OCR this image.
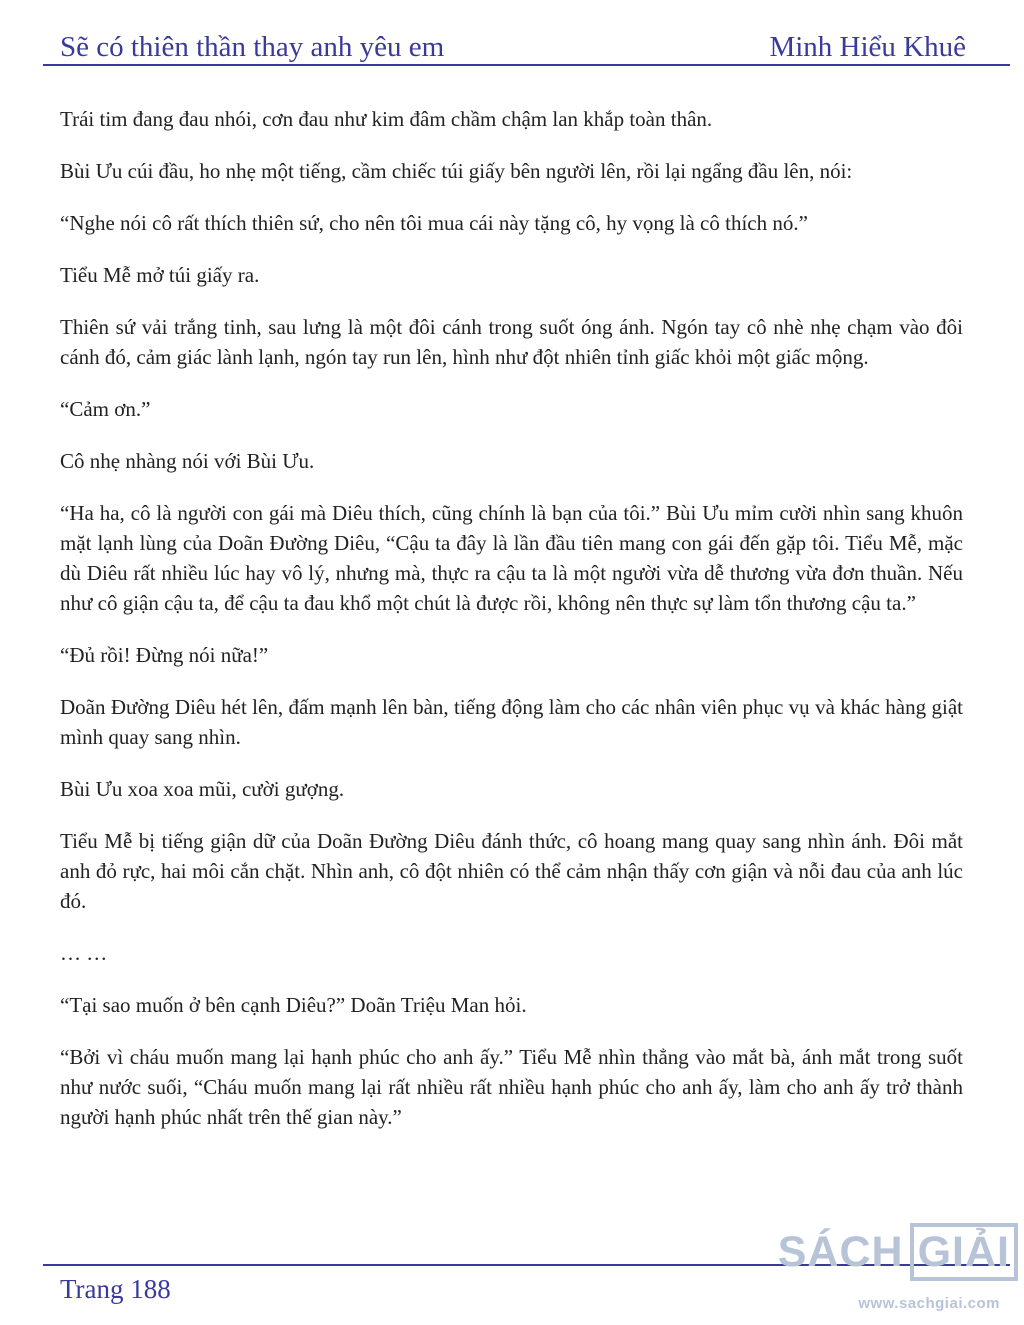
Sẽ có thiên thần thay anh yêu em	Minh Hiểu Khuê

Trái tim đang đau nhói, cơn đau như kim đâm chầm chậm lan khắp toàn thân.

Bùi Ưu cúi đầu, ho nhẹ một tiếng, cầm chiếc túi giấy bên người lên, rồi lại ngẩng đầu lên, nói:

“Nghe nói cô rất thích thiên sứ, cho nên tôi mua cái này tặng cô, hy vọng là cô thích nó.”

Tiểu Mễ mở túi giấy ra.

Thiên sứ vải trắng tinh, sau lưng là một đôi cánh trong suốt óng ánh. Ngón tay cô nhè nhẹ chạm vào đôi cánh đó, cảm giác lành lạnh, ngón tay run lên, hình như đột nhiên tỉnh giấc khỏi một giấc mộng.

“Cảm ơn.”

Cô nhẹ nhàng nói với Bùi Ưu.

“Ha ha, cô là người con gái mà Diêu thích, cũng chính là bạn của tôi.” Bùi Ưu mỉm cười nhìn sang khuôn mặt lạnh lùng của Doãn Đường Diêu, “Cậu ta đây là lần đầu tiên mang con gái đến gặp tôi. Tiểu Mễ, mặc dù Diêu rất nhiều lúc hay vô lý, nhưng mà, thực ra cậu ta là một người vừa dễ thương vừa đơn thuần. Nếu như cô giận cậu ta, để cậu ta đau khổ một chút là được rồi, không nên thực sự làm tổn thương cậu ta.”

“Đủ rồi! Đừng nói nữa!”

Doãn Đường Diêu hét lên, đấm mạnh lên bàn, tiếng động làm cho các nhân viên phục vụ và khác hàng giật mình quay sang nhìn.

Bùi Ưu xoa xoa mũi, cười gượng.

Tiểu Mễ bị tiếng giận dữ của Doãn Đường Diêu đánh thức, cô hoang mang quay sang nhìn ánh. Đôi mắt anh đỏ rực, hai môi cắn chặt. Nhìn anh, cô đột nhiên có thể cảm nhận thấy cơn giận và nỗi đau của anh lúc đó.

… …

“Tại sao muốn ở bên cạnh Diêu?” Doãn Triệu Man hỏi.

“Bởi vì cháu muốn mang lại hạnh phúc cho anh ấy.” Tiểu Mễ nhìn thẳng vào mắt bà, ánh mắt trong suốt như nước suối, “Cháu muốn mang lại rất nhiều rất nhiều hạnh phúc cho anh ấy, làm cho anh ấy trở thành người hạnh phúc nhất trên thế gian này.”

Trang 188
SÁCH GIẢI
www.sachgiai.com
